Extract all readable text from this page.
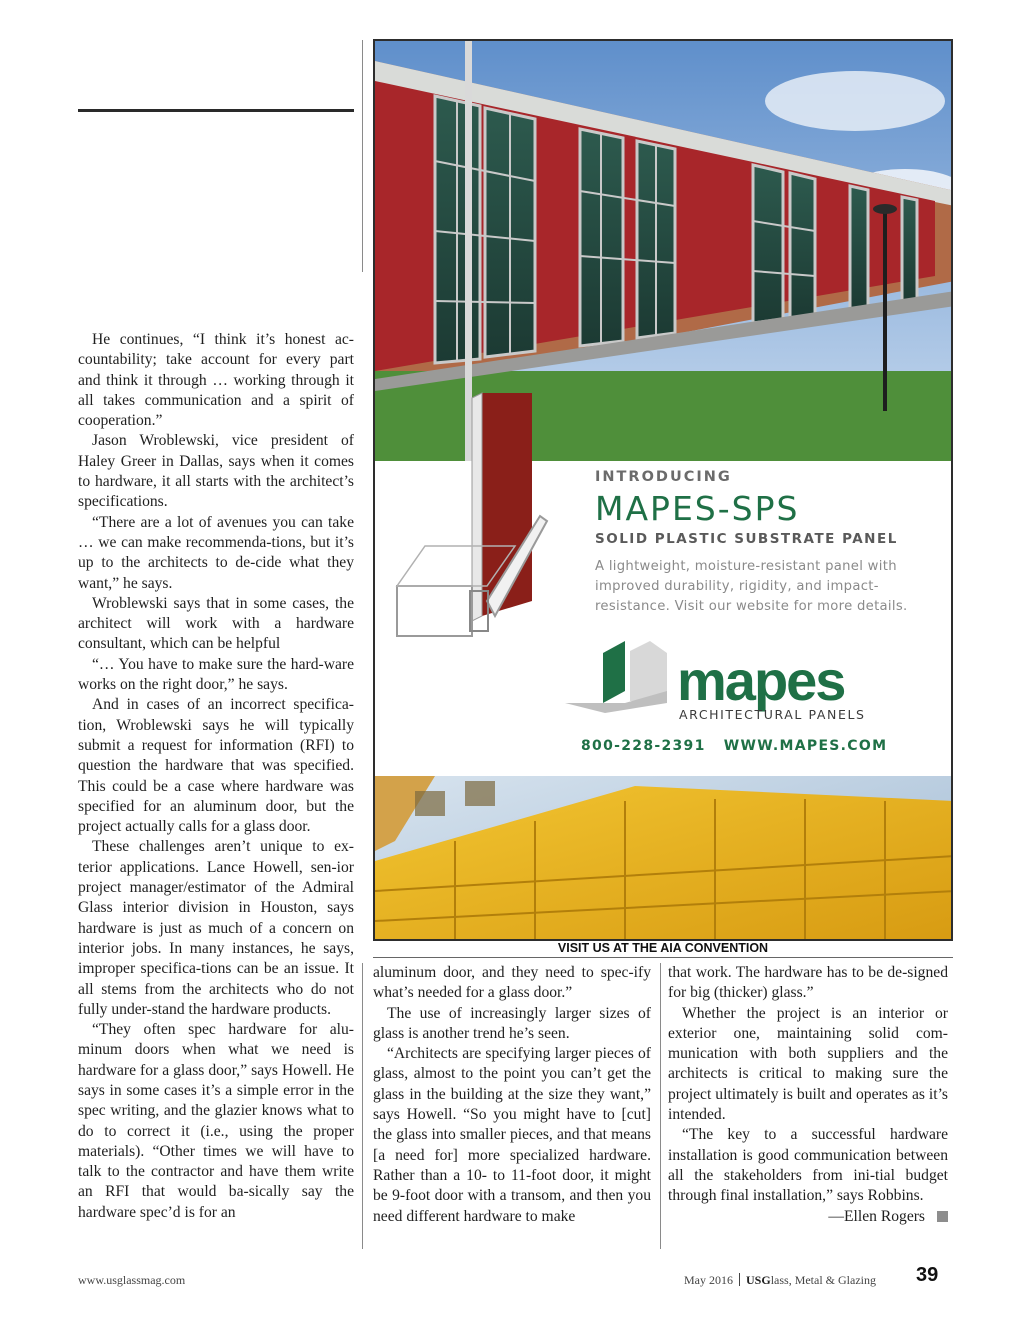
He continues, “I think it’s honest ac-countability; take account for every part and think it through … working through it all takes communication and a spirit of cooperation.”

Jason Wroblewski, vice president of Haley Greer in Dallas, says when it comes to hardware, it all starts with the architect’s specifications.

“There are a lot of avenues you can take … we can make recommenda-tions, but it’s up to the architects to de-cide what they want,” he says.

Wroblewski says that in some cases, the architect will work with a hardware consultant, which can be helpful

“… You have to make sure the hard-ware works on the right door,” he says.

And in cases of an incorrect specifica-tion, Wroblewski says he will typically submit a request for information (RFI) to question the hardware that was specified. This could be a case where hardware was specified for an aluminum door, but the project actually calls for a glass door.

These challenges aren’t unique to ex-terior applications. Lance Howell, sen-ior project manager/estimator of the Admiral Glass interior division in Houston, says hardware is just as much of a concern on interior jobs. In many instances, he says, improper specifica-tions can be an issue. It all stems from the architects who do not fully under-stand the hardware products.

“They often spec hardware for alu-minum doors when what we need is hardware for a glass door,” says Howell. He says in some cases it’s a simple error in the spec writing, and the glazier knows what to do to correct it (i.e., using the proper materials). “Other times we will have to talk to the contractor and have them write an RFI that would ba-sically say the hardware spec’d is for an

INTRODUCING
MAPES-SPS
SOLID PLASTIC SUBSTRATE PANEL
A lightweight, moisture-resistant panel with improved durability, rigidity, and impact-resistance. Visit our website for more details.
mapes
ARCHITECTURAL PANELS
800-228-2391 WWW.MAPES.COM
VISIT US AT THE AIA CONVENTION

aluminum door, and they need to spec-ify what’s needed for a glass door.”

The use of increasingly larger sizes of glass is another trend he’s seen.

“Architects are specifying larger pieces of glass, almost to the point you can’t get the glass in the building at the size they want,” says Howell. “So you might have to [cut] the glass into smaller pieces, and that means [a need for] more specialized hardware. Rather than a 10- to 11-foot door, it might be 9-foot door with a transom, and then you need different hardware to make

that work. The hardware has to be de-signed for big (thicker) glass.”

Whether the project is an interior or exterior one, maintaining solid com-munication with both suppliers and the architects is critical to making sure the project ultimately is built and operates as it’s intended.

“The key to a successful hardware installation is good communication between all the stakeholders from ini-tial budget through final installation,” says Robbins.

—Ellen Rogers
www.usglassmag.com	May 2016 USGlass, Metal & Glazing 39
